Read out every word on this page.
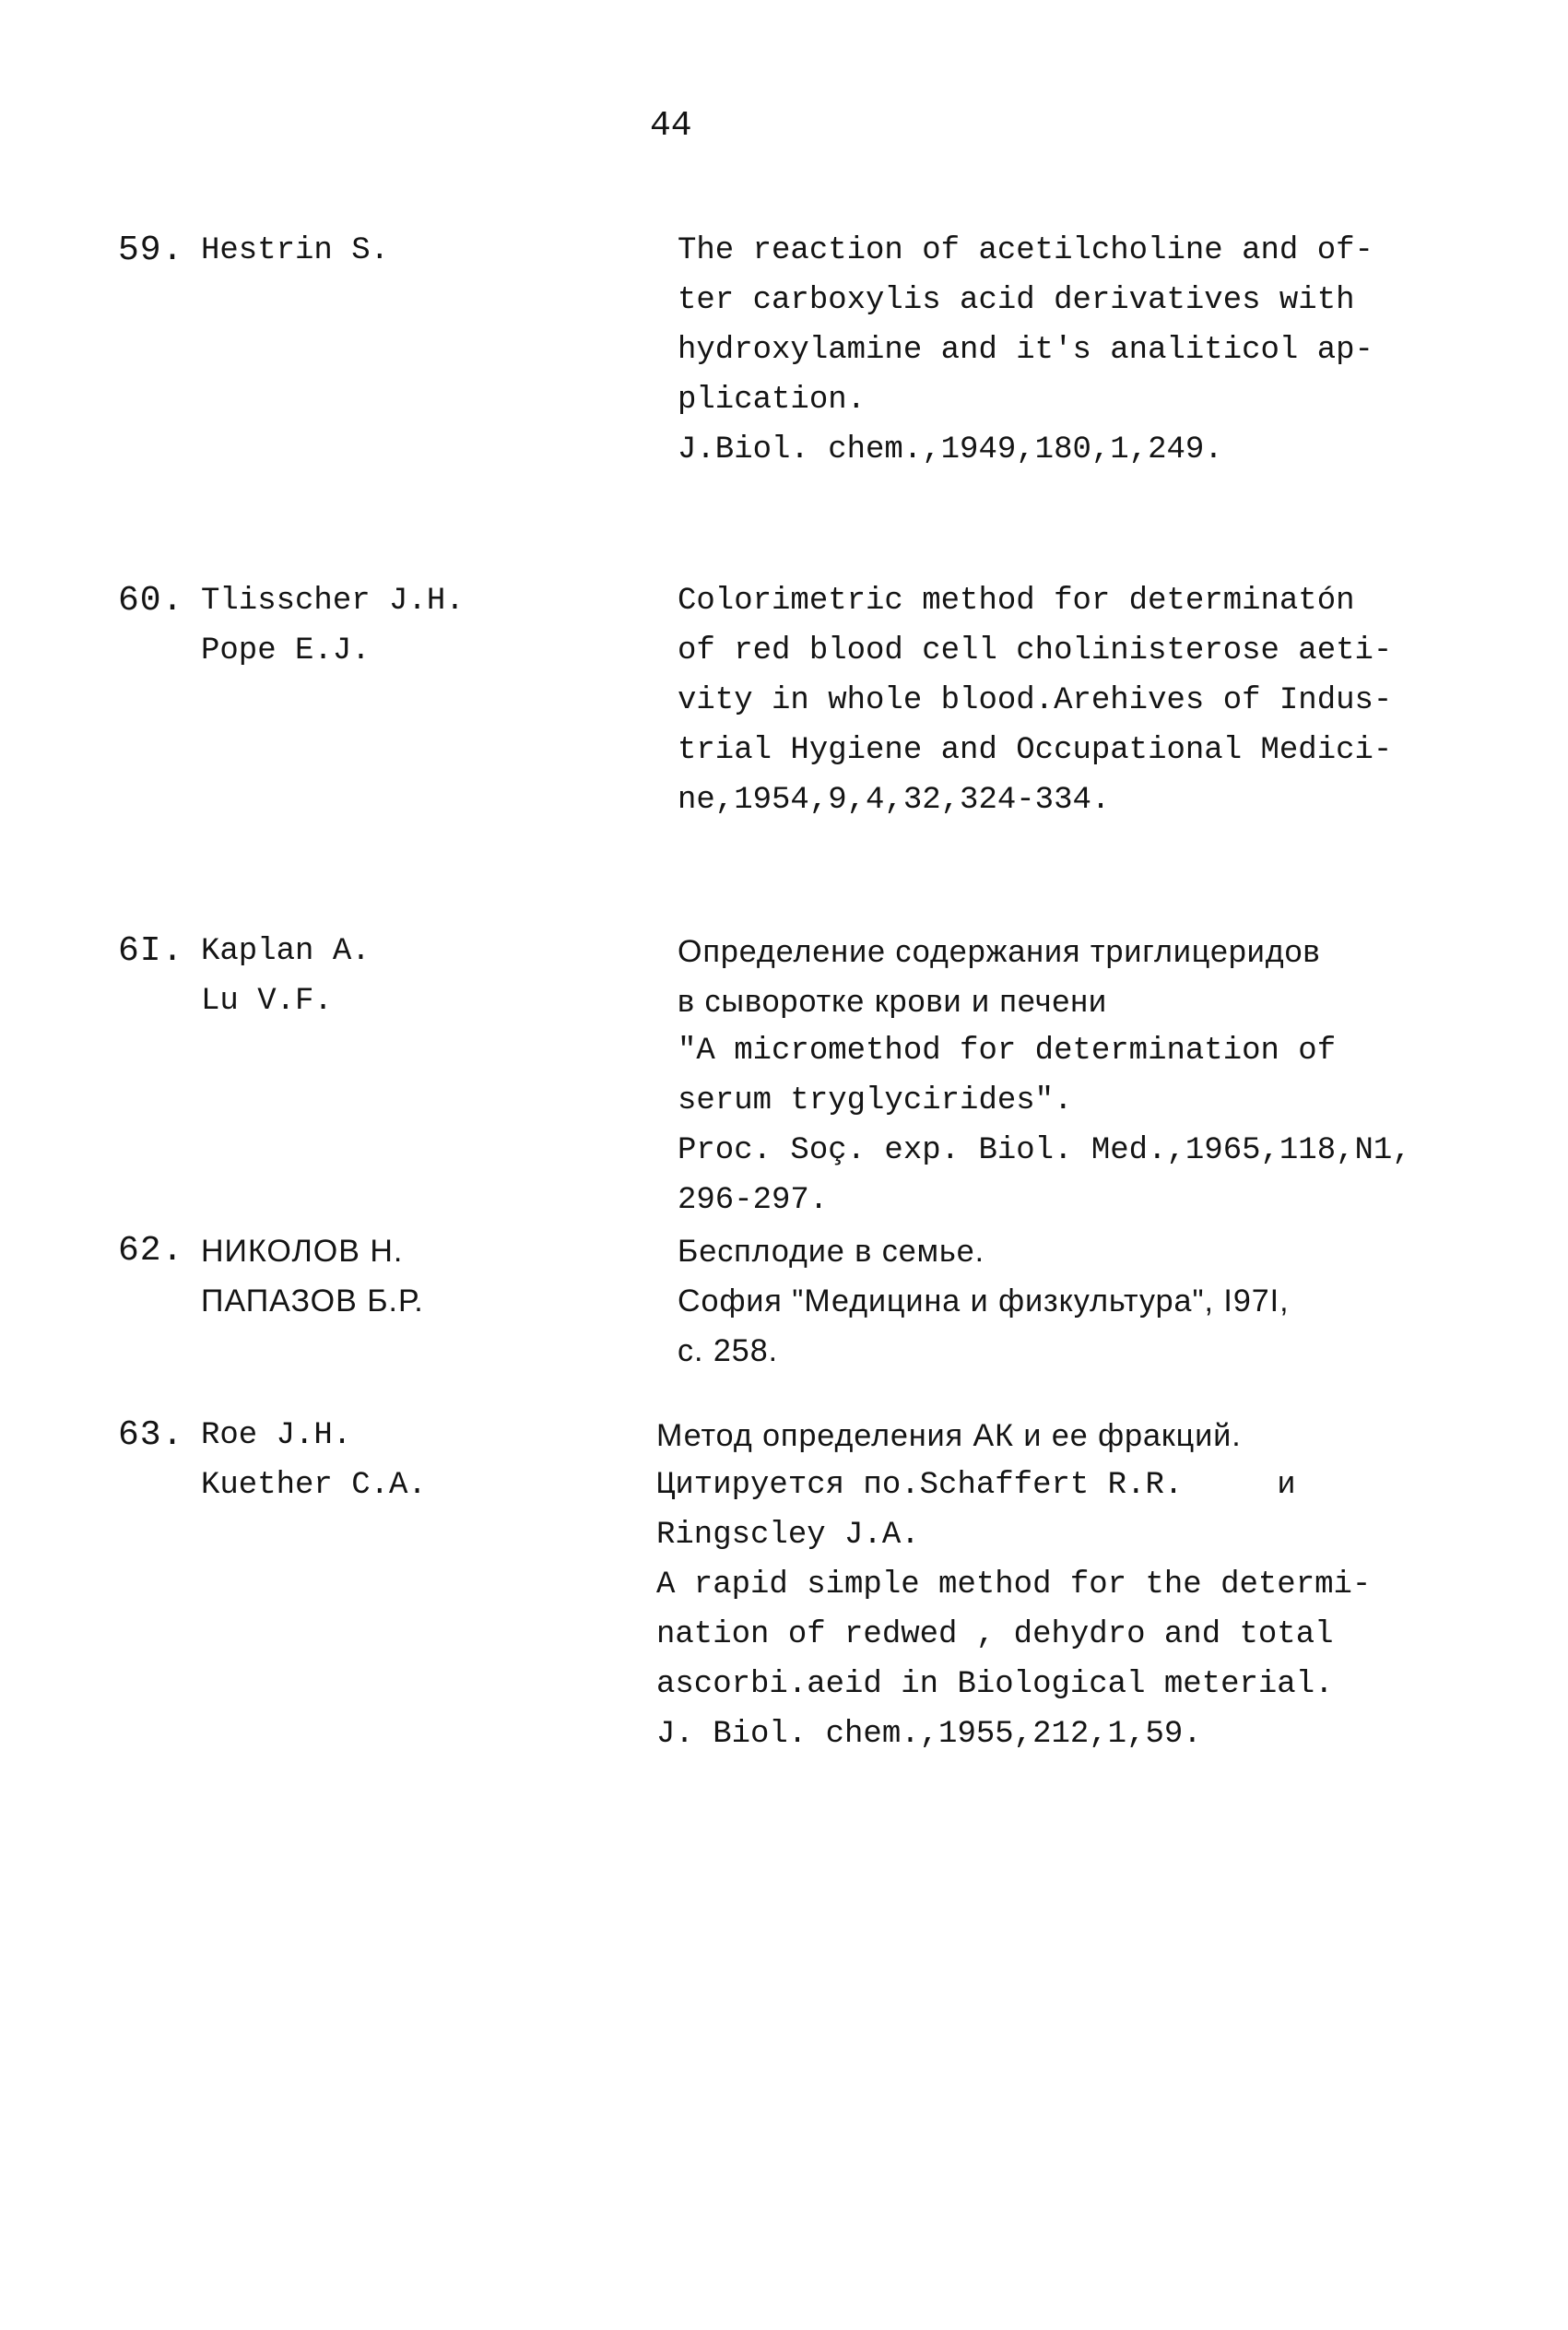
44
59. Hestrin S.	The reaction of acetilcholine and of-
ter carboxylis acid derivatives with
hydroxylamine and it's analiticol ap-
plication.
J.Biol. chem.,1949,180,1,249.
60. Tlisscher J.H.
Pope E.J.
Colorimetric method for determinatón
of red blood cell cholinisterose aeti-
vity in whole blood.Arehives of Indus-
trial Hygiene and Occupational Medici-
ne,1954,9,4,32,324-334.
6I. Kaplan A.
Lu V.F.
Определение содержания триглицеридов
в сыворотке крови и печени
"A micromethod for determination of
serum tryglycirides".
Proc. Soç. exp. Biol. Med.,1965,118,N1,
296-297.
62. НИКОЛОВ Н.
ПАПАЗОВ Б.Р.
Бесплодие в семье.
София "Медицина и физкультура", I97I,
с. 258.
63. Roe J.H.
Kuether C.A.
Метод определения АК и ее фракций.
Цитируется по.Schaffert R.R.     и
Ringscley J.A.
A rapid simple method for the determi-
nation of redwed , dehydro and total
ascorbi.aeid in Biological meterial.
J. Biol. chem.,1955,212,1,59.
